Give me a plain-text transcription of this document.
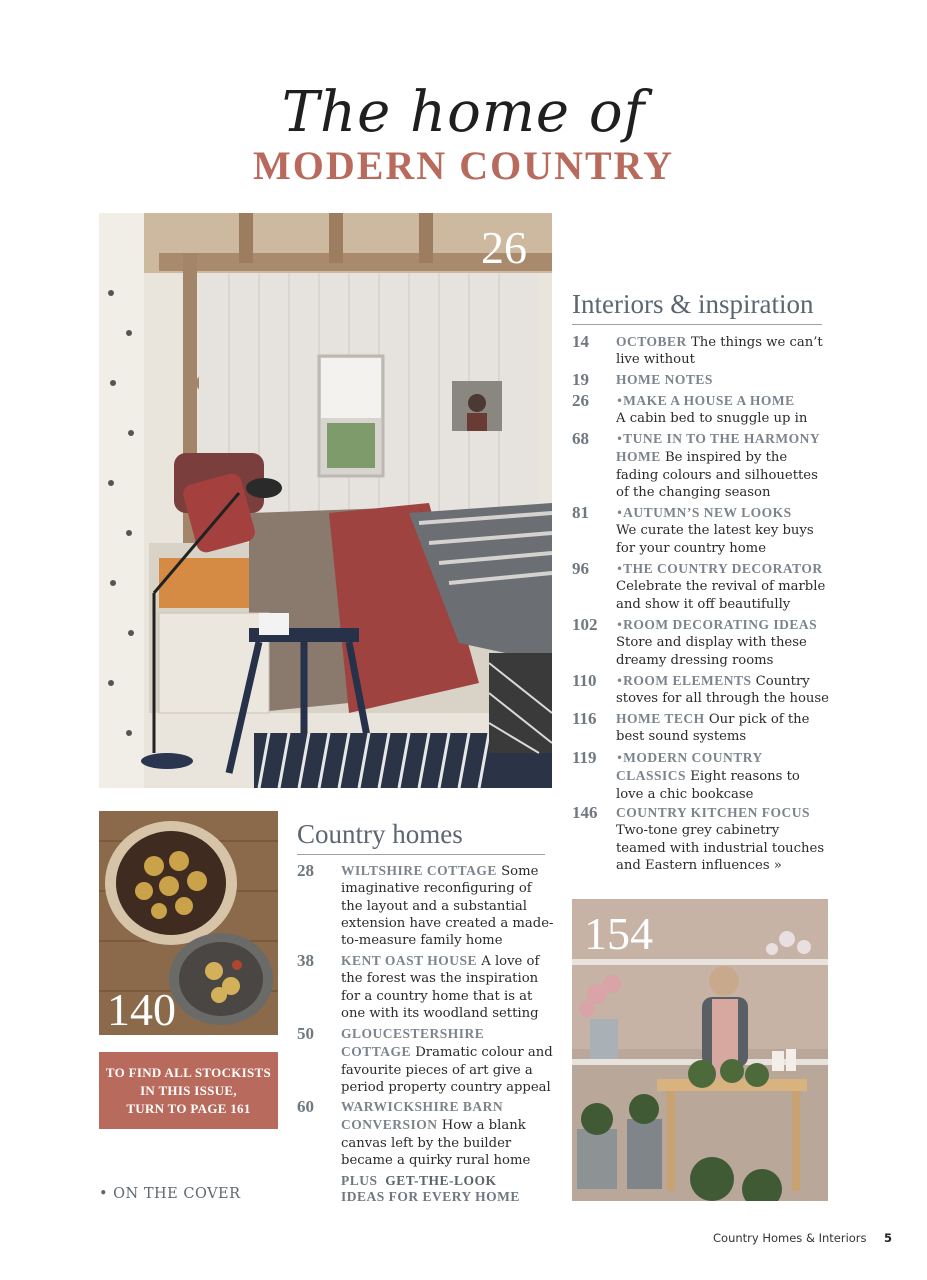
The home of
MODERN COUNTRY
26
140
TO FIND ALL STOCKISTS
IN THIS ISSUE,
TURN TO PAGE 161
• ON THE COVER
Interiors & inspiration
14 OCTOBER The things we can’t live without
19 HOME NOTES
26 •MAKE A HOUSE A HOME
A cabin bed to snuggle up in
68 •TUNE IN TO THE HARMONY HOME Be inspired by the fading colours and silhouettes of the changing season
81 •AUTUMN’S NEW LOOKS
We curate the latest key buys for your country home
96 •THE COUNTRY DECORATOR
Celebrate the revival of marble and show it off beautifully
102 •ROOM DECORATING IDEAS
Store and display with these dreamy dressing rooms
110 •ROOM ELEMENTS Country stoves for all through the house
116 HOME TECH Our pick of the best sound systems
119 •MODERN COUNTRY CLASSICS Eight reasons to love a chic bookcase
146 COUNTRY KITCHEN FOCUS
Two-tone grey cabinetry teamed with industrial touches and Eastern influences »
Country homes
28 WILTSHIRE COTTAGE Some imaginative reconfiguring of the layout and a substantial extension have created a made-to-measure family home
38 KENT OAST HOUSE A love of the forest was the inspiration for a country home that is at one with its woodland setting
50 GLOUCESTERSHIRE COTTAGE Dramatic colour and favourite pieces of art give a period property country appeal
60 WARWICKSHIRE BARN CONVERSION How a blank canvas left by the builder became a quirky rural home
PLUS GET-THE-LOOK
IDEAS FOR EVERY HOME
154
Country Homes & Interiors 5
